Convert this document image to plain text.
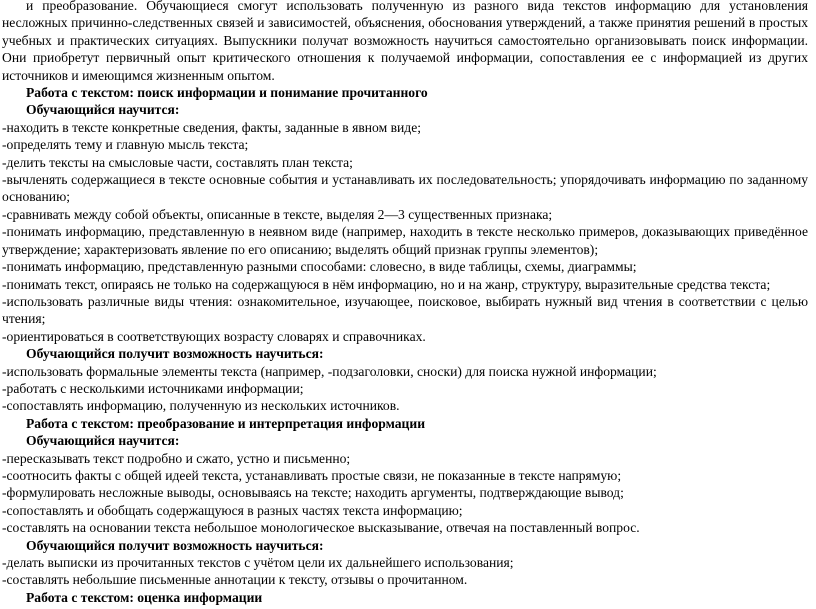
и преобразование. Обучающиеся смогут использовать полученную из разного вида текстов информацию для установления несложных причинно-следственных связей и зависимостей, объяснения, обоснования утверждений, а также принятия решений в простых учебных и практических ситуациях. Выпускники получат возможность научиться самостоятельно организовывать поиск информации. Они приобретут первичный опыт критического отношения к получаемой информации, сопоставления ее с информацией из других источников и имеющимся жизненным опытом.

Работа с текстом: поиск информации и понимание прочитанного

Обучающийся научится:

-находить в тексте конкретные сведения, факты, заданные в явном виде;

-определять тему и главную мысль текста;

-делить тексты на смысловые части, составлять план текста;

-вычленять содержащиеся в тексте основные события и устанавливать их последовательность; упорядочивать информацию по заданному основанию;

-сравнивать между собой объекты, описанные в тексте, выделяя 2—3 существенных признака;

-понимать информацию, представленную в неявном виде (например, находить в тексте несколько примеров, доказывающих приведённое утверждение; характеризовать явление по его описанию; выделять общий признак группы элементов);

-понимать информацию, представленную разными способами: словесно, в виде таблицы, схемы, диаграммы;

-понимать текст, опираясь не только на содержащуюся в нём информацию, но и на жанр, структуру, выразительные средства текста;

-использовать различные виды чтения: ознакомительное, изучающее, поисковое, выбирать нужный вид чтения в соответствии с целью чтения;

-ориентироваться в соответствующих возрасту словарях и справочниках.

Обучающийся получит возможность научиться:

-использовать формальные элементы текста (например, -подзаголовки, сноски) для поиска нужной информации;

-работать с несколькими источниками информации;

-сопоставлять информацию, полученную из нескольких источников.

Работа с текстом: преобразование и интерпретация информации

Обучающийся научится:

-пересказывать текст подробно и сжато, устно и письменно;

-соотносить факты с общей идеей текста, устанавливать простые связи, не показанные в тексте напрямую;

-формулировать несложные выводы, основываясь на тексте; находить аргументы, подтверждающие вывод;

-сопоставлять и обобщать содержащуюся в разных частях текста информацию;

-составлять на основании текста небольшое монологическое высказывание, отвечая на поставленный вопрос.

Обучающийся получит возможность научиться:

-делать выписки из прочитанных текстов с учётом цели их дальнейшего использования;

-составлять небольшие письменные аннотации к тексту, отзывы о прочитанном.

Работа с текстом: оценка информации
